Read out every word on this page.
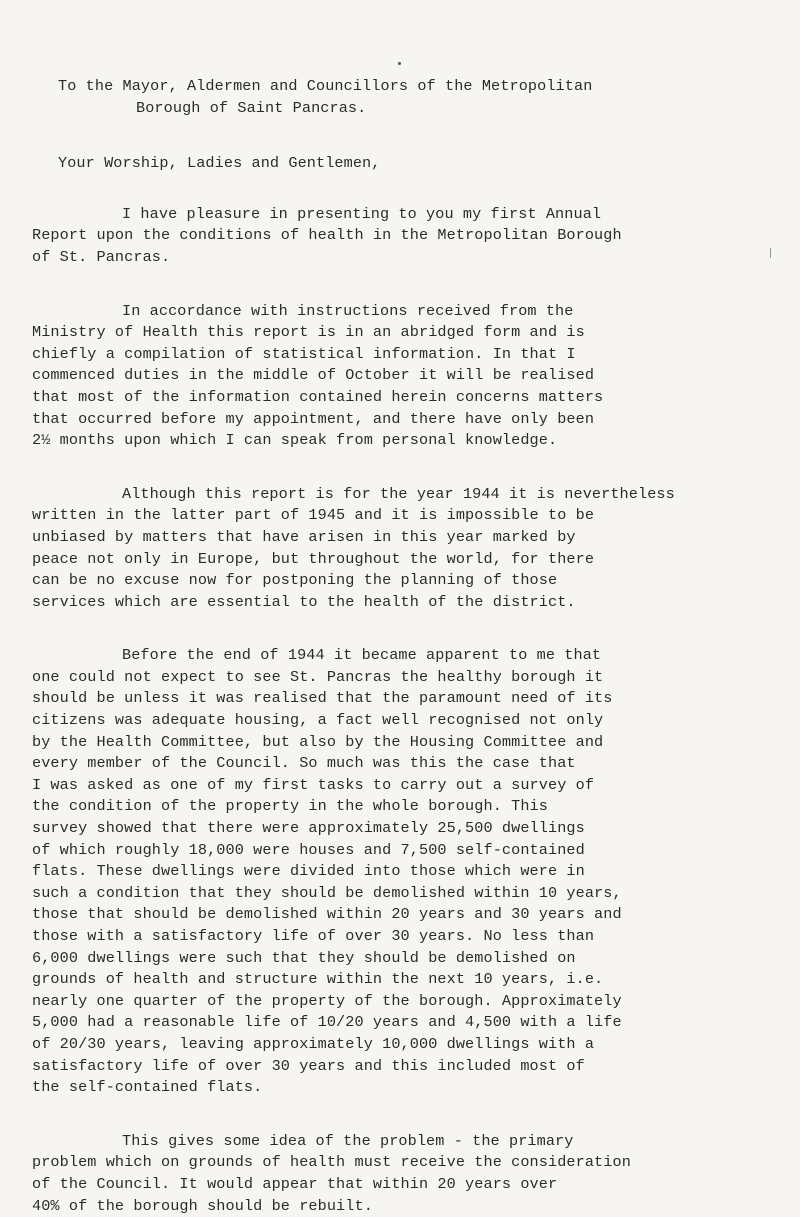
To the Mayor, Aldermen and Councillors of the Metropolitan
Borough of Saint Pancras.
Your Worship, Ladies and Gentlemen,
I have pleasure in presenting to you my first Annual
Report upon the conditions of health in the Metropolitan Borough
of St. Pancras.
In accordance with instructions received from the
Ministry of Health this report is in an abridged form and is
chiefly a compilation of statistical information. In that I
commenced duties in the middle of October it will be realised
that most of the information contained herein concerns matters
that occurred before my appointment, and there have only been
2½ months upon which I can speak from personal knowledge.
Although this report is for the year 1944 it is nevertheless
written in the latter part of 1945 and it is impossible to be
unbiased by matters that have arisen in this year marked by
peace not only in Europe, but throughout the world, for there
can be no excuse now for postponing the planning of those
services which are essential to the health of the district.
Before the end of 1944 it became apparent to me that
one could not expect to see St. Pancras the healthy borough it
should be unless it was realised that the paramount need of its
citizens was adequate housing, a fact well recognised not only
by the Health Committee, but also by the Housing Committee and
every member of the Council. So much was this the case that
I was asked as one of my first tasks to carry out a survey of
the condition of the property in the whole borough. This
survey showed that there were approximately 25,500 dwellings
of which roughly 18,000 were houses and 7,500 self-contained
flats. These dwellings were divided into those which were in
such a condition that they should be demolished within 10 years,
those that should be demolished within 20 years and 30 years and
those with a satisfactory life of over 30 years. No less than
6,000 dwellings were such that they should be demolished on
grounds of health and structure within the next 10 years, i.e.
nearly one quarter of the property of the borough. Approximately
5,000 had a reasonable life of 10/20 years and 4,500 with a life
of 20/30 years, leaving approximately 10,000 dwellings with a
satisfactory life of over 30 years and this included most of
the self-contained flats.
This gives some idea of the problem - the primary
problem which on grounds of health must receive the consideration
of the Council. It would appear that within 20 years over
40% of the borough should be rebuilt.
